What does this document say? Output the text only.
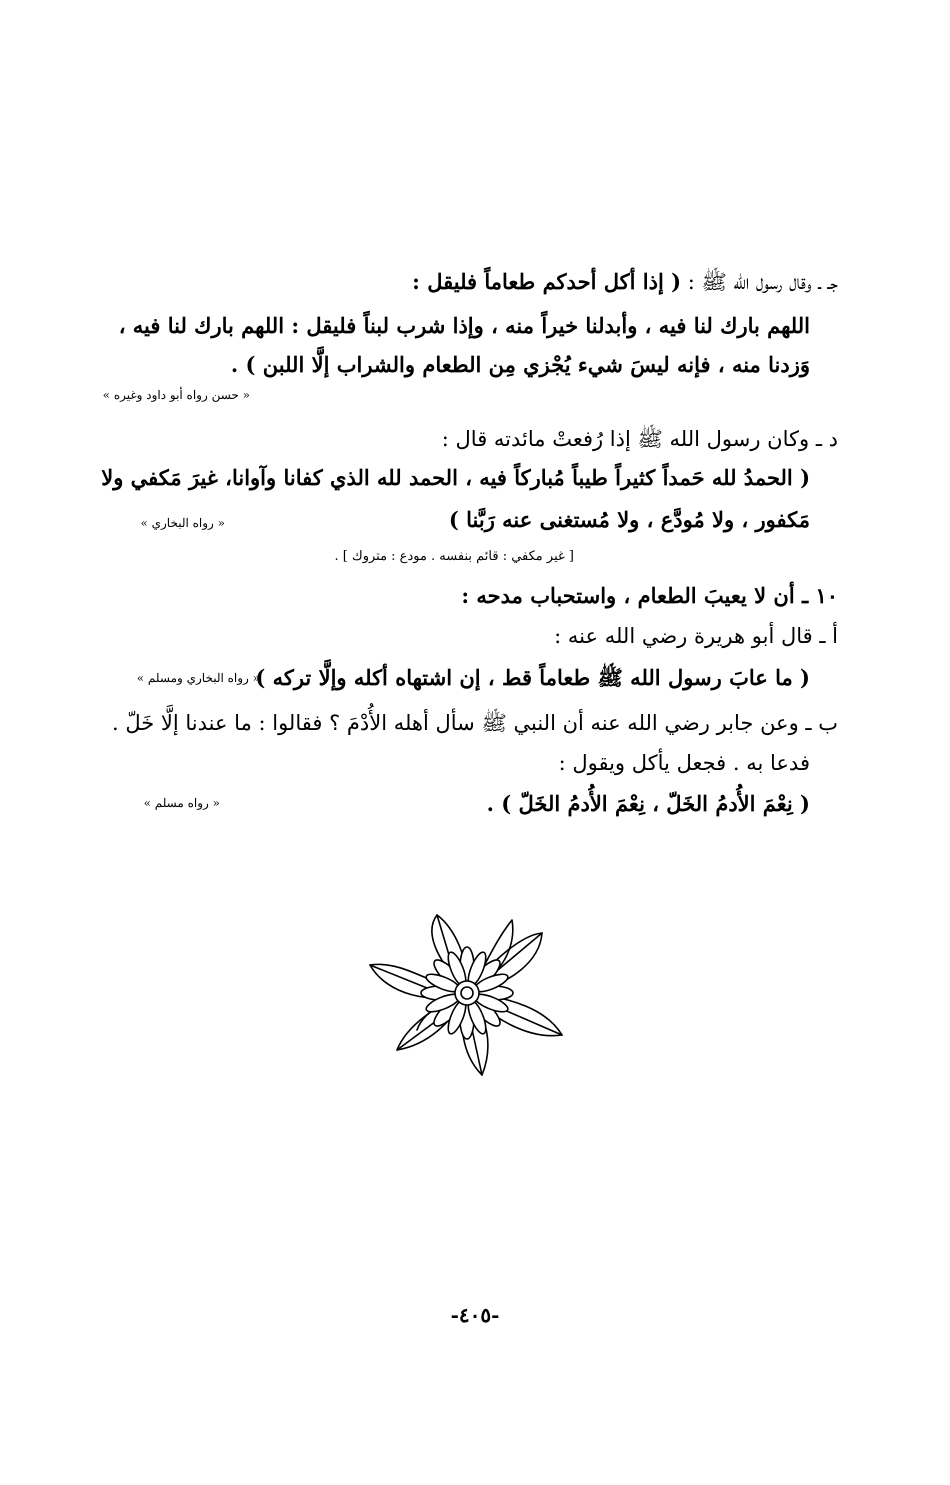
جـ ـ وقال رسول الله ﷺ : ( إذا أكل أحدكم طعاماً فليقل :
اللهم بارك لنا فيه ، وأبدلنا خيراً منه ، وإذا شرب لبناً فليقل : اللهم بارك لنا فيه ،
وَزدنا منه ، فإنه ليسَ شيء يُجْزي مِن الطعام والشراب إلَّا اللبن ) .
« حسن رواه أبو داود وغيره »
د ـ وكان رسول الله ﷺ إذا رُفعتْ مائدته قال :
( الحمدُ لله حَمداً كثيراً طيباً مُباركاً فيه ، الحمد لله الذي كفانا وآوانا، غيرَ مَكفي ولا
مَكفور ، ولا مُودَّع ، ولا مُستغنى عنه رَبَّنا )
« رواه البخاري »
[ غير مكفي : قائم بنفسه . مودع : متروك ] .
١٠ ـ أن لا يعيبَ الطعام ، واستحباب مدحه :
أ ـ قال أبو هريرة رضي الله عنه :
( ما عابَ رسول الله ﷺ طعاماً قط ، إن اشتهاه أكله وإلَّا تركه )
« رواه البخاري ومسلم »
ب ـ وعن جابر رضي الله عنه أن النبي ﷺ سأل أهله الأُدْمَ ؟ فقالوا : ما عندنا إلَّا خَلّ .
فدعا به . فجعل يأكل ويقول :
( نِعْمَ الأُدمُ الخَلّ ، نِعْمَ الأُدمُ الخَلّ ) .
« رواه مسلم »
-٤٠٥-
